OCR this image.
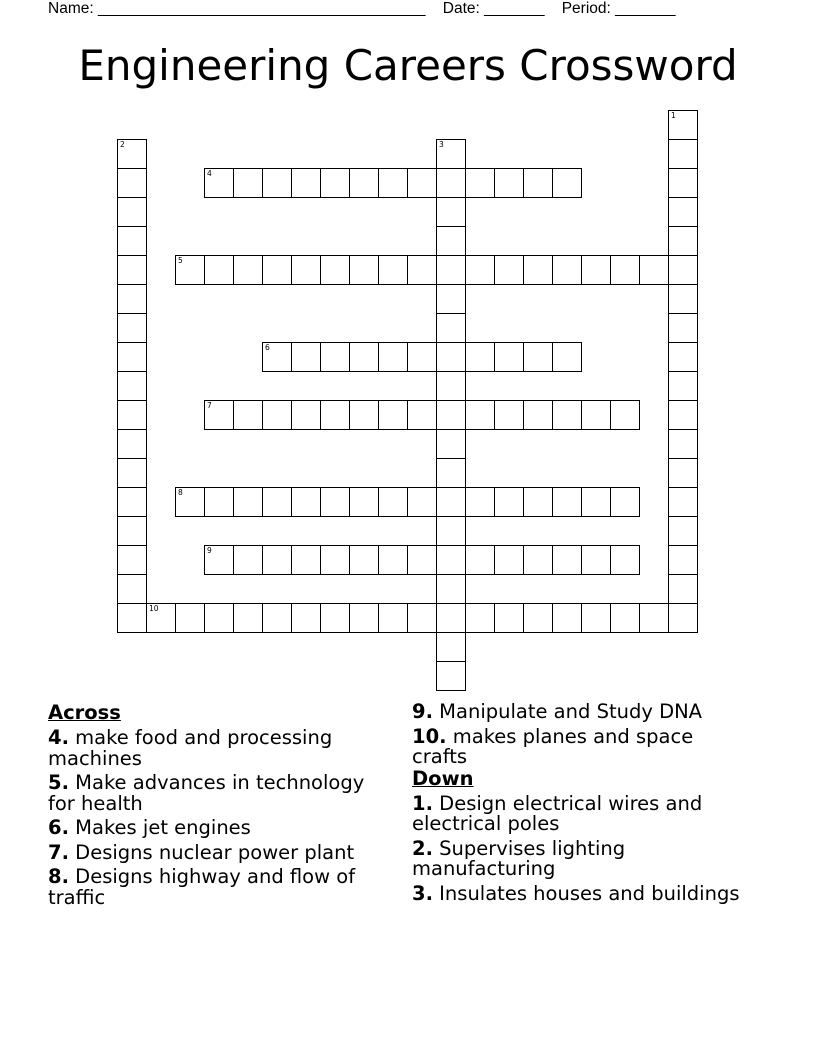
Name: ______________________________________ Date: _______ Period: _______
Engineering Careers Crossword
1
2	3
4
5
6
7
8
9
10
Across
4. make food and processing machines
5. Make advances in technology for health
6. Makes jet engines
7. Designs nuclear power plant
8. Designs highway and flow of traffic
9. Manipulate and Study DNA
10. makes planes and space crafts
Down
1. Design electrical wires and electrical poles
2. Supervises lighting manufacturing
3. Insulates houses and buildings
